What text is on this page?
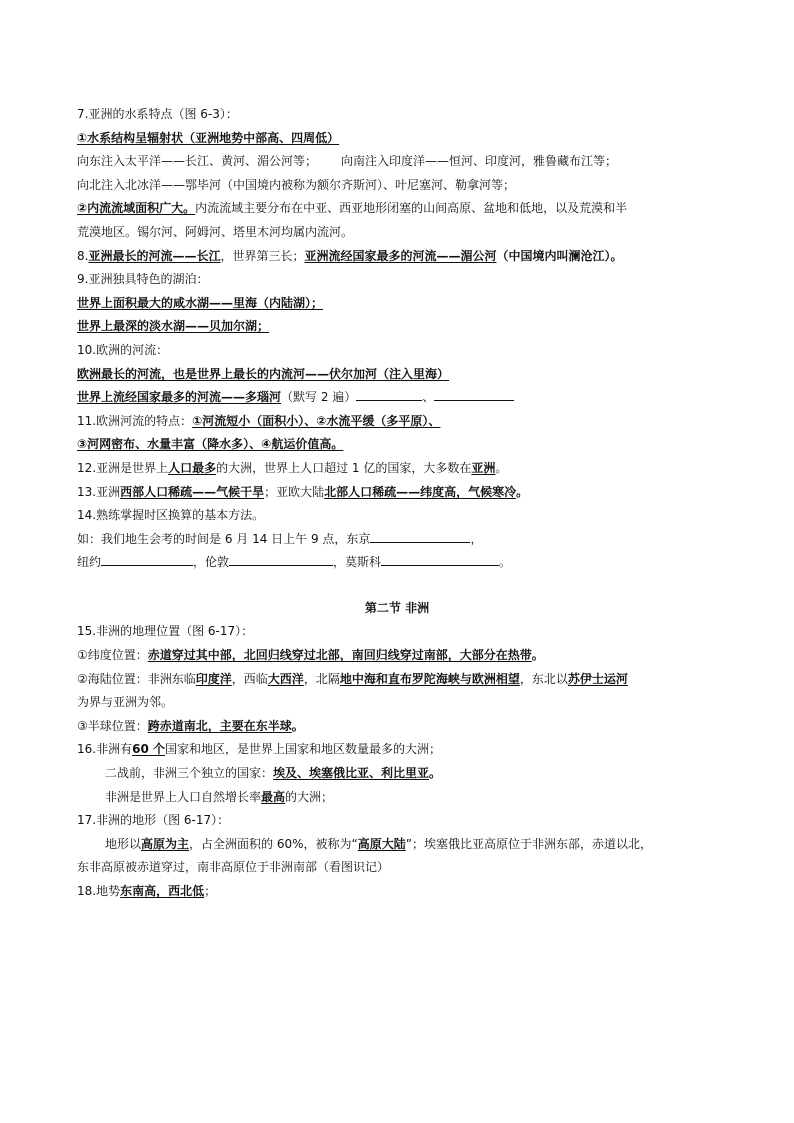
7.亚洲的水系特点（图 6-3）：
①水系结构呈辐射状（亚洲地势中部高、四周低）
向东注入太平洋——长江、黄河、湄公河等； 向南注入印度洋——恒河、印度河，雅鲁藏布江等；
向北注入北冰洋——鄂毕河（中国境内被称为额尔齐斯河）、叶尼塞河、勒拿河等；
②内流流域面积广大。内流流域主要分布在中亚、西亚地形闭塞的山间高原、盆地和低地，以及荒漠和半
荒漠地区。锡尔河、阿姆河、塔里木河均属内流河。
8.亚洲最长的河流——长江，世界第三长；亚洲流经国家最多的河流——湄公河（中国境内叫澜沧江）。
9.亚洲独具特色的湖泊：
世界上面积最大的咸水湖——里海（内陆湖）；
世界上最深的淡水湖——贝加尔湖；
10.欧洲的河流：
欧洲最长的河流，也是世界上最长的内流河——伏尔加河（注入里海）
世界上流经国家最多的河流——多瑙河（默写 2 遍）	、
11.欧洲河流的特点：①河流短小（面积小）、②水流平缓（多平原）、
③河网密布、水量丰富（降水多）、④航运价值高。
12.亚洲是世界上人口最多的大洲，世界上人口超过 1 亿的国家，大多数在亚洲。
13.亚洲西部人口稀疏——气候干旱；亚欧大陆北部人口稀疏——纬度高，气候寒冷。
14.熟练掌握时区换算的基本方法。
如：我们地生会考的时间是 6 月 14 日上午 9 点，东京	，
纽约	，伦敦	，莫斯科	。
第二节 非洲
15.非洲的地理位置（图 6-17）：
①纬度位置：赤道穿过其中部，北回归线穿过北部，南回归线穿过南部，大部分在热带。
②海陆位置：非洲东临印度洋，西临大西洋，北隔地中海和直布罗陀海峡与欧洲相望，东北以苏伊士运河
为界与亚洲为邻。
③半球位置：跨赤道南北，主要在东半球。
16.非洲有60 个国家和地区，是世界上国家和地区数量最多的大洲；
二战前，非洲三个独立的国家：埃及、埃塞俄比亚、利比里亚。
非洲是世界上人口自然增长率最高的大洲；
17.非洲的地形（图 6-17）：
地形以高原为主，占全洲面积的 60%，被称为“高原大陆”；埃塞俄比亚高原位于非洲东部，赤道以北，
东非高原被赤道穿过，南非高原位于非洲南部（看图识记）
18.地势东南高，西北低；
